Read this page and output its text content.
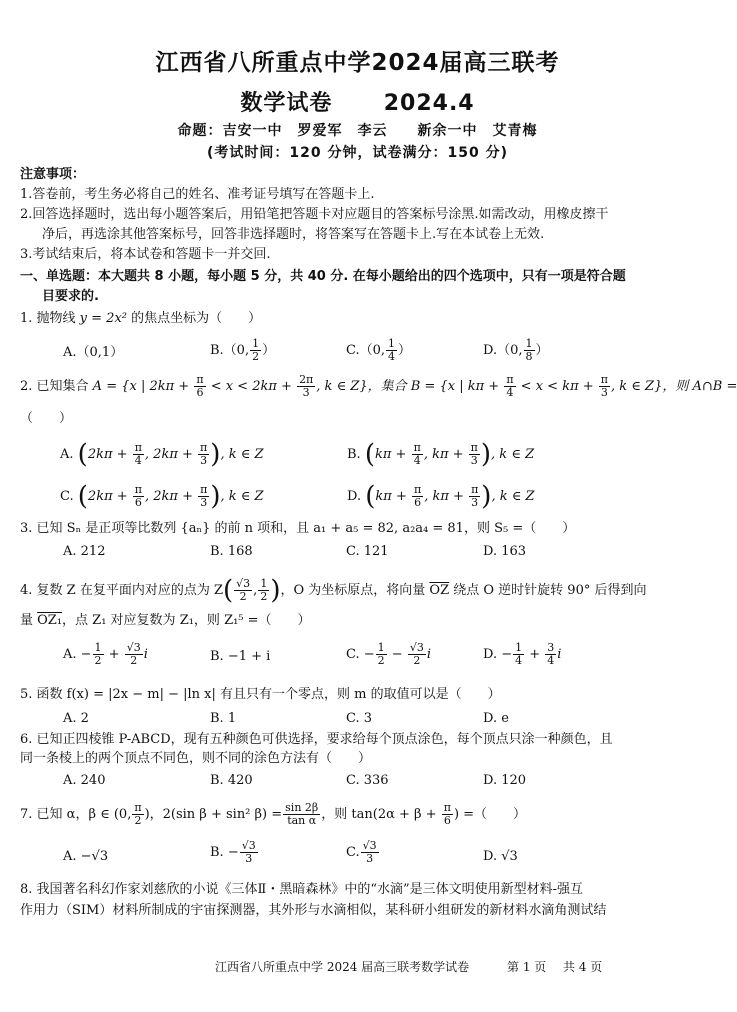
江西省八所重点中学2024届高三联考
数学试卷 2024.4
命题：吉安一中　罗爱军　李云　　新余一中　艾青梅
(考试时间：120 分钟，试卷满分：150 分)
注意事项：
1.答卷前，考生务必将自己的姓名、准考证号填写在答题卡上.
2.回答选择题时，选出每小题答案后，用铅笔把答题卡对应题目的答案标号涂黑.如需改动，用橡皮擦干
净后，再选涂其他答案标号，回答非选择题时，将答案写在答题卡上.写在本试卷上无效.
3.考试结束后，将本试卷和答题卡一并交回.
一、单选题：本大题共 8 小题，每小题 5 分，共 40 分. 在每小题给出的四个选项中，只有一项是符合题
目要求的.
1. 抛物线 y = 2x² 的焦点坐标为（　　）
A.（0,1）	B.（0, $\frac{1}{2}$ ）	C.（0, $\frac{1}{4}$ ）	D.（0, $\frac{1}{8}$ ）
2. 已知集合 A = {x | $2k\pi + \frac{\pi}{6} < x < 2k\pi + \frac{2\pi}{3}$ , k ∈ Z}，集合 B = {x | $k\pi + \frac{\pi}{4} < x < k\pi + \frac{\pi}{3}$ , k ∈ Z}，则 A∩B =
（　　）
A. ($2k\pi + \frac{\pi}{4}$ , $2k\pi + \frac{\pi}{3}$ ), k ∈ Z	B. ($k\pi + \frac{\pi}{4}$ , $k\pi + \frac{\pi}{3}$ ), k ∈ Z
C. ($2k\pi + \frac{\pi}{6}$ , $2k\pi + \frac{\pi}{3}$ ), k ∈ Z	D. ($k\pi + \frac{\pi}{6}$ , $k\pi + \frac{\pi}{3}$ ), k ∈ Z
3. 已知 Sₙ 是正项等比数列 {aₙ} 的前 n 项和，且 a₁ + a₅ = 82, a₂a₄ = 81，则 S₅ =（　　）
A. 212	B. 168	C. 121	D. 163
4. 复数 Z 在复平面内对应的点为 $Z( \frac{√3}{2}$ , $\frac{1}{2}$ )，O 为坐标原点，将向量 $\overline{OZ}$ 绕点 O 逆时针旋转 90° 后得到向
量 OZ₁，点 Z₁ 对应复数为 Z₁，则 Z₁⁵ =（　　）
A. − $\frac{1}{2} + \frac{√3}{2}$ i	B. −1 + i	C. − $\frac{1}{2} - \frac{√3}{2}$ i	D. − $\frac{1}{4} + \frac{3}{4}$ i
5. 函数 f(x) = |2x − m| − |ln x| 有且只有一个零点，则 m 的取值可以是（　　）
A. 2	B. 1	C. 3	D. e
6. 已知正四棱锥 P-ABCD，现有五种颜色可供选择，要求给每个顶点涂色，每个顶点只涂一种颜色，且
同一条棱上的两个顶点不同色，则不同的涂色方法有（　　）
A. 240	B. 420	C. 336	D. 120
7. 已知 α，β ∈ (0, $\frac{\pi}{2}$ )，2(sin β + sin² $\beta) = \frac{\sin 2\beta}{\text{tan α}}$ ，则 $\tan(2\alpha + \beta + \frac{\pi}{6}$ ) =（　　）
A. −√3	B. − $\frac{√3}{3}$	C. $\frac{√3}{3}$	D. √3
8. 我国著名科幻作家刘慈欣的小说《三体Ⅱ・黑暗森林》中的“水滴”是三体文明使用新型材料-强互
作用力（SIM）材料所制成的宇宙探测器，其外形与水滴相似，某科研小组研发的新材料水滴角测试结
江西省八所重点中学 2024 届高三联考数学试卷	第 1 页 共 4 页
